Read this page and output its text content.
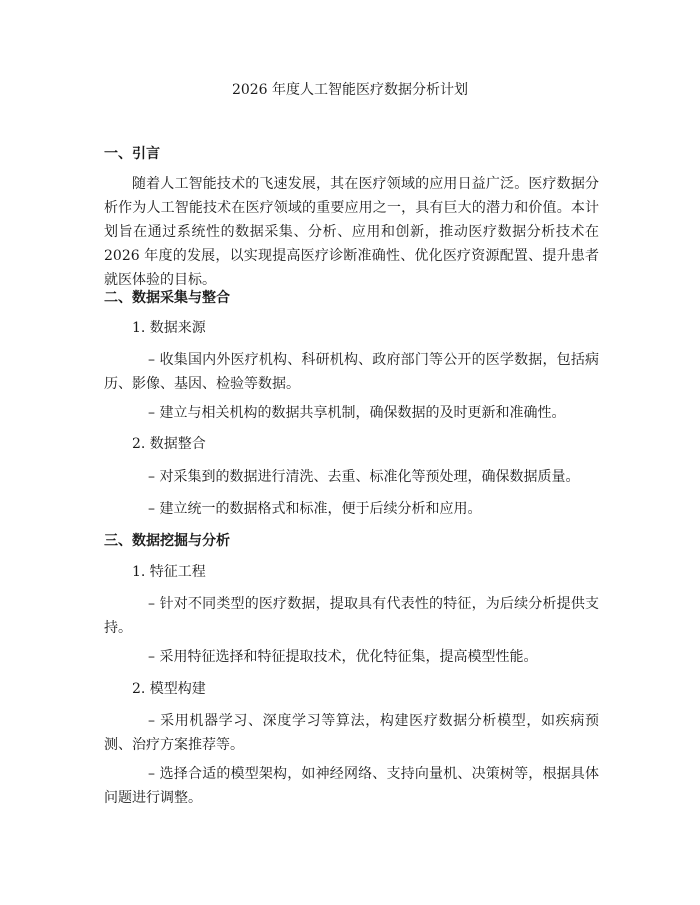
2026 年度人工智能医疗数据分析计划
一、引言
随着人工智能技术的飞速发展，其在医疗领域的应用日益广泛。医疗数据分析作为人工智能技术在医疗领域的重要应用之一，具有巨大的潜力和价值。本计划旨在通过系统性的数据采集、分析、应用和创新，推动医疗数据分析技术在 2026 年度的发展，以实现提高医疗诊断准确性、优化医疗资源配置、提升患者就医体验的目标。
二、数据采集与整合
1. 数据来源
– 收集国内外医疗机构、科研机构、政府部门等公开的医学数据，包括病历、影像、基因、检验等数据。
– 建立与相关机构的数据共享机制，确保数据的及时更新和准确性。
2. 数据整合
– 对采集到的数据进行清洗、去重、标准化等预处理，确保数据质量。
– 建立统一的数据格式和标准，便于后续分析和应用。
三、数据挖掘与分析
1. 特征工程
– 针对不同类型的医疗数据，提取具有代表性的特征，为后续分析提供支持。
– 采用特征选择和特征提取技术，优化特征集，提高模型性能。
2. 模型构建
– 采用机器学习、深度学习等算法，构建医疗数据分析模型，如疾病预测、治疗方案推荐等。
– 选择合适的模型架构，如神经网络、支持向量机、决策树等，根据具体问题进行调整。
